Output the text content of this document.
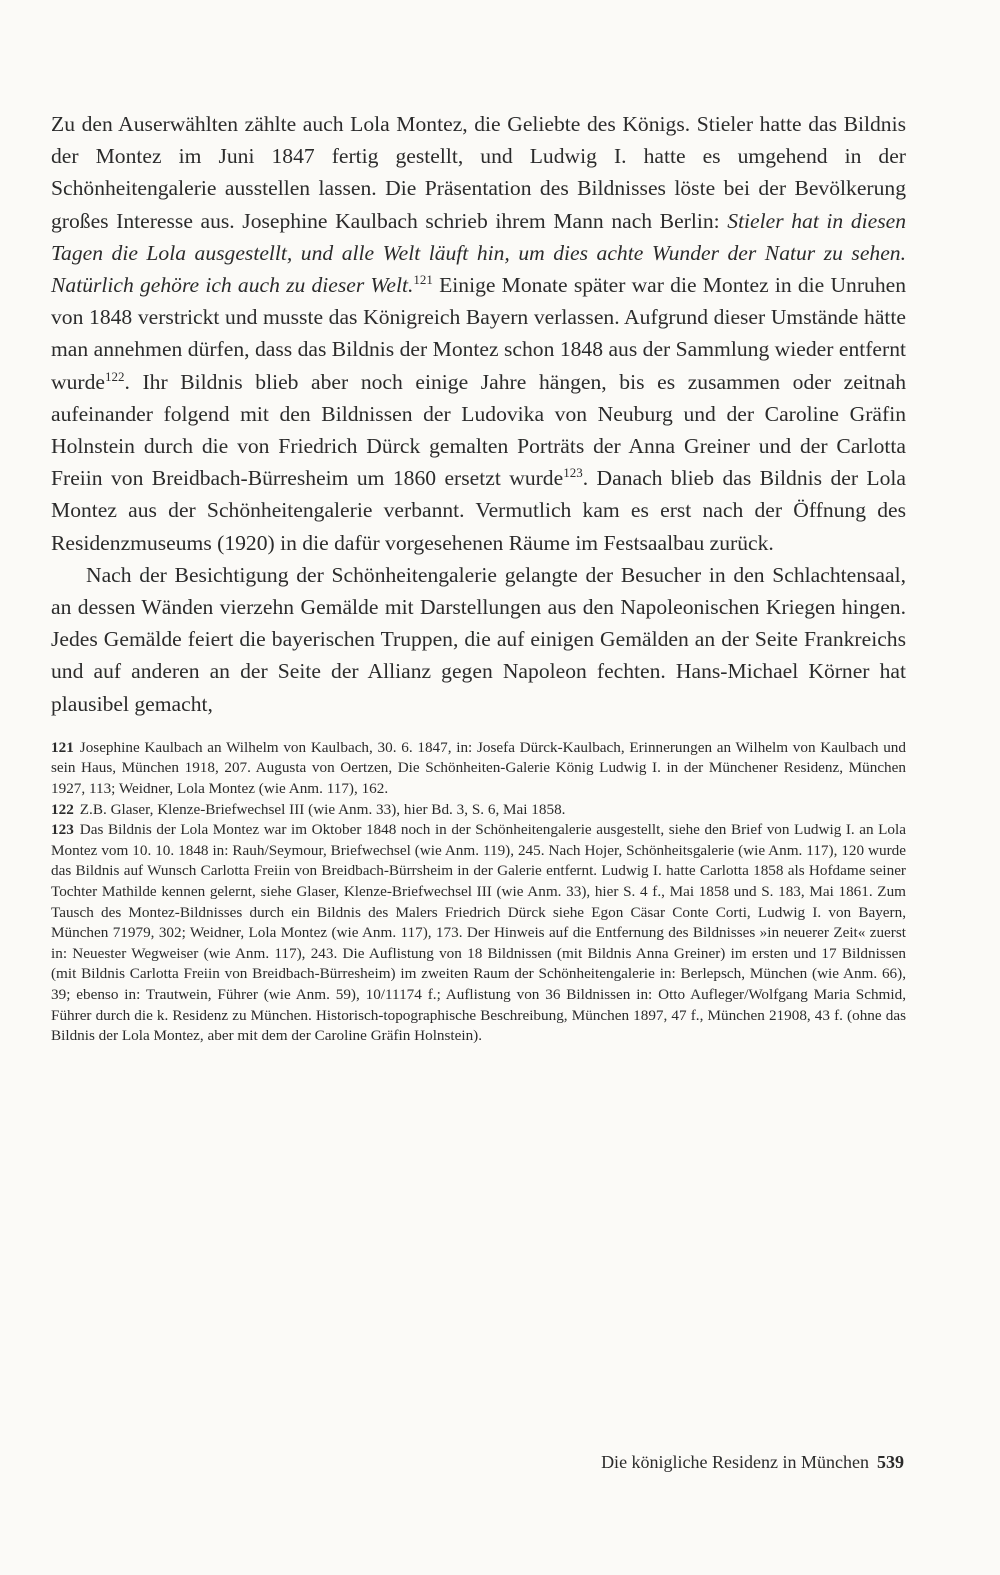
Zu den Auserwählten zählte auch Lola Montez, die Geliebte des Königs. Stieler hatte das Bildnis der Montez im Juni 1847 fertig gestellt, und Ludwig I. hatte es umgehend in der Schönheitengalerie ausstellen lassen. Die Präsentation des Bildnisses löste bei der Bevölkerung großes Interesse aus. Josephine Kaulbach schrieb ihrem Mann nach Berlin: Stieler hat in diesen Tagen die Lola ausgestellt, und alle Welt läuft hin, um dies achte Wunder der Natur zu sehen. Natürlich gehöre ich auch zu dieser Welt.$^{121}$ Einige Monate später war die Montez in die Unruhen von 1848 verstrickt und musste das Königreich Bayern verlassen. Aufgrund dieser Umstände hätte man annehmen dürfen, dass das Bildnis der Montez schon 1848 aus der Sammlung wieder entfernt wurde$^{122}$. Ihr Bildnis blieb aber noch einige Jahre hängen, bis es zusammen oder zeitnah aufeinander folgend mit den Bildnissen der Ludovika von Neuburg und der Caroline Gräfin Holnstein durch die von Friedrich Dürck gemalten Porträts der Anna Greiner und der Carlotta Freiin von Breidbach-Bürresheim um 1860 ersetzt wurde$^{123}$. Danach blieb das Bildnis der Lola Montez aus der Schönheitengalerie verbannt. Vermutlich kam es erst nach der Öffnung des Residenzmuseums (1920) in die dafür vorgesehenen Räume im Festsaalbau zurück.

Nach der Besichtigung der Schönheitengalerie gelangte der Besucher in den Schlachtensaal, an dessen Wänden vierzehn Gemälde mit Darstellungen aus den Napoleonischen Kriegen hingen. Jedes Gemälde feiert die bayerischen Truppen, die auf einigen Gemälden an der Seite Frankreichs und auf anderen an der Seite der Allianz gegen Napoleon fechten. Hans-Michael Körner hat plausibel gemacht,

121 Josephine Kaulbach an Wilhelm von Kaulbach, 30. 6. 1847, in: Josefa Dürck-Kaulbach, Erinnerungen an Wilhelm von Kaulbach und sein Haus, München 1918, 207. Augusta von Oertzen, Die Schönheiten-Galerie König Ludwig I. in der Münchener Residenz, München 1927, 113; Weidner, Lola Montez (wie Anm. 117), 162.

122 Z.B. Glaser, Klenze-Briefwechsel III (wie Anm. 33), hier Bd. 3, S. 6, Mai 1858.

123 Das Bildnis der Lola Montez war im Oktober 1848 noch in der Schönheitengalerie ausgestellt, siehe den Brief von Ludwig I. an Lola Montez vom 10. 10. 1848 in: Rauh/Seymour, Briefwechsel (wie Anm. 119), 245. Nach Hojer, Schönheitsgalerie (wie Anm. 117), 120 wurde das Bildnis auf Wunsch Carlotta Freiin von Breidbach-Bürrsheim in der Galerie entfernt. Ludwig I. hatte Carlotta 1858 als Hofdame seiner Tochter Mathilde kennen gelernt, siehe Glaser, Klenze-Briefwechsel III (wie Anm. 33), hier S. 4 f., Mai 1858 und S. 183, Mai 1861. Zum Tausch des Montez-Bildnisses durch ein Bildnis des Malers Friedrich Dürck siehe Egon Cäsar Conte Corti, Ludwig I. von Bayern, München 71979, 302; Weidner, Lola Montez (wie Anm. 117), 173. Der Hinweis auf die Entfernung des Bildnisses »in neuerer Zeit« zuerst in: Neuester Wegweiser (wie Anm. 117), 243. Die Auflistung von 18 Bildnissen (mit Bildnis Anna Greiner) im ersten und 17 Bildnissen (mit Bildnis Carlotta Freiin von Breidbach-Bürresheim) im zweiten Raum der Schönheitengalerie in: Berlepsch, München (wie Anm. 66), 39; ebenso in: Trautwein, Führer (wie Anm. 59), 10/11174 f.; Auflistung von 36 Bildnissen in: Otto Aufleger/Wolfgang Maria Schmid, Führer durch die k. Residenz zu München. Historisch-topographische Beschreibung, München 1897, 47 f., München 21908, 43 f. (ohne das Bildnis der Lola Montez, aber mit dem der Caroline Gräfin Holnstein).

Die königliche Residenz in München 539
